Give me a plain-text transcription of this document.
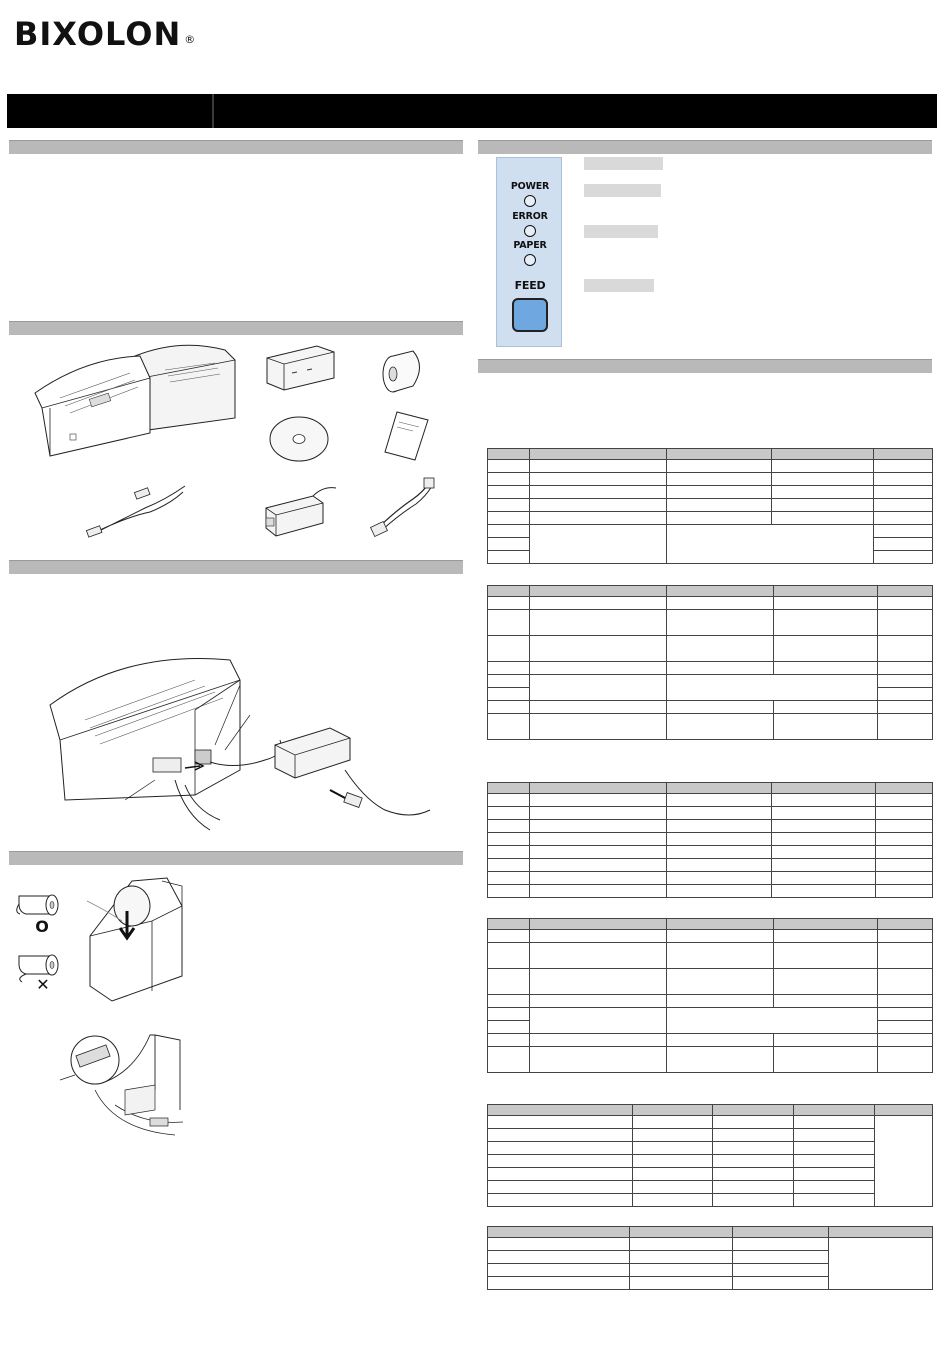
BIXOLON ®
O
✕
POWER
ERROR
PAPER
FEED
